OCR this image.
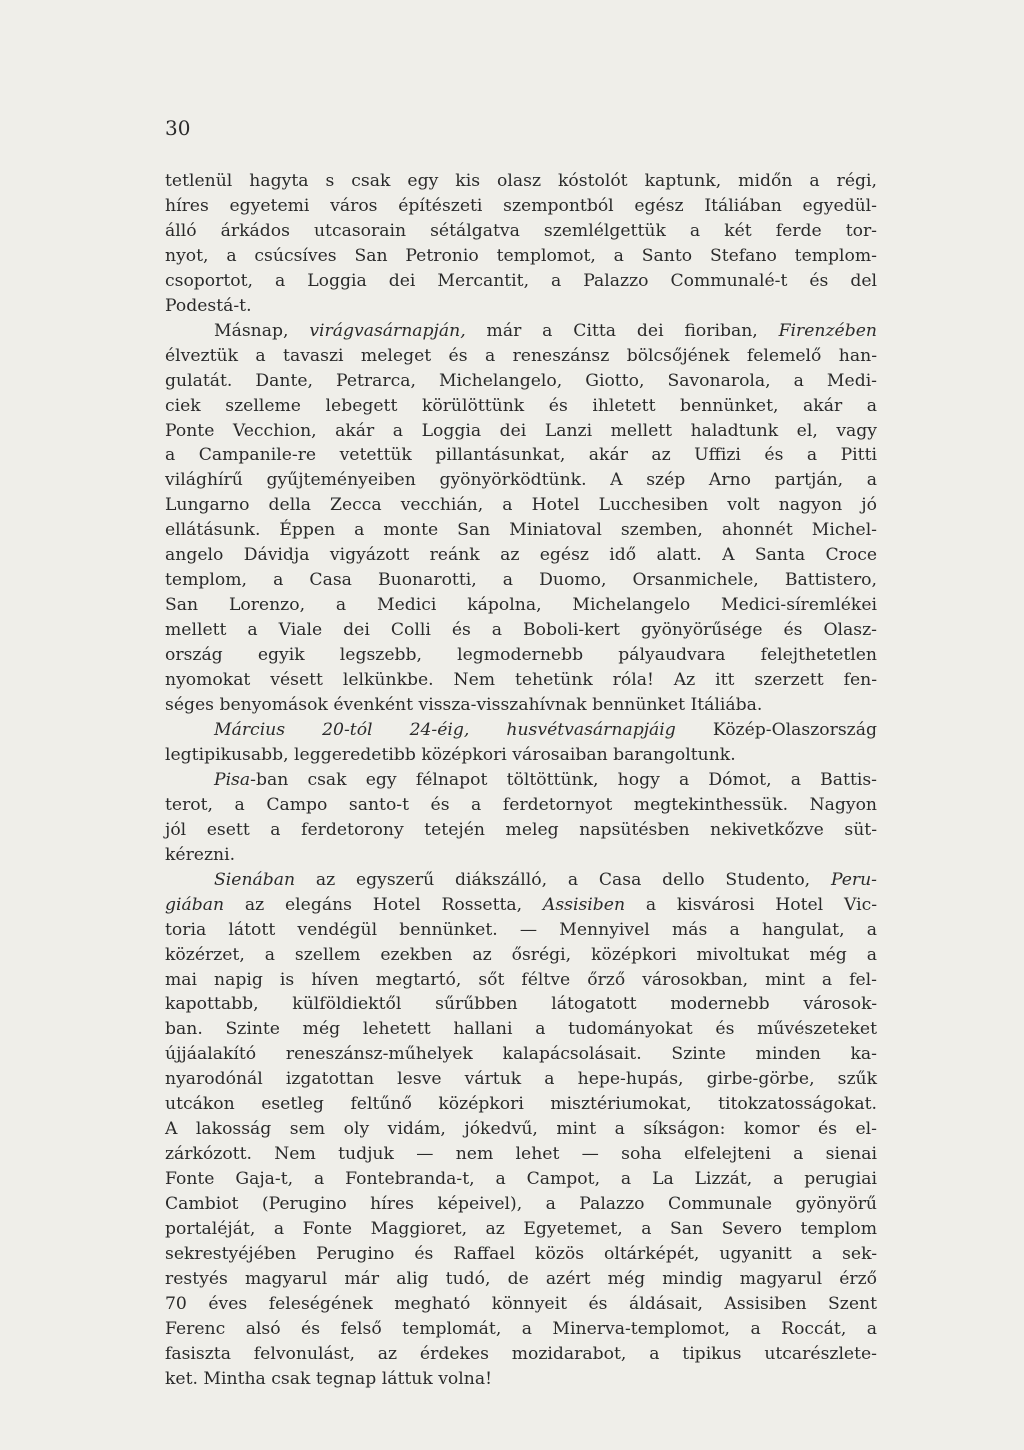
30
tetlenül hagyta s csak egy kis olasz kóstolót kaptunk, midőn a régi,
híres egyetemi város építészeti szempontból egész Itáliában egyedül-
álló árkádos utcasorain sétálgatva szemlélgettük a két ferde tor-
nyot, a csúcsíves San Petronio templomot, a Santo Stefano templom-
csoportot, a Loggia dei Mercantit, a Palazzo Communalé-t és del
Podestá-t.
Másnap, virágvasárnapján, már a Citta dei fioriban, Firenzében
élveztük a tavaszi meleget és a reneszánsz bölcsőjének felemelő han-
gulatát. Dante, Petrarca, Michelangelo, Giotto, Savonarola, a Medi-
ciek szelleme lebegett körülöttünk és ihletett bennünket, akár a
Ponte Vecchion, akár a Loggia dei Lanzi mellett haladtunk el, vagy
a Campanile-re vetettük pillantásunkat, akár az Uffizi és a Pitti
világhírű gyűjteményeiben gyönyörködtünk. A szép Arno partján, a
Lungarno della Zecca vecchián, a Hotel Lucchesiben volt nagyon jó
ellátásunk. Éppen a monte San Miniatoval szemben, ahonnét Michel-
angelo Dávidja vigyázott reánk az egész idő alatt. A Santa Croce
templom, a Casa Buonarotti, a Duomo, Orsanmichele, Battistero,
San Lorenzo, a Medici kápolna, Michelangelo Medici-síremlékei
mellett a Viale dei Colli és a Boboli-kert gyönyörűsége és Olasz-
ország egyik legszebb, legmodernebb pályaudvara felejthetetlen
nyomokat vésett lelkünkbe. Nem tehetünk róla! Az itt szerzett fen-
séges benyomások évenként vissza-visszahívnak bennünket Itáliába.
Március 20-tól 24-éig, husvétvasárnapjáig Közép-Olaszország
legtipikusabb, leggeredetibb középkori városaiban barangoltunk.
Pisa-ban csak egy félnapot töltöttünk, hogy a Dómot, a Battis-
terot, a Campo santo-t és a ferdetornyot megtekinthessük. Nagyon
jól esett a ferdetorony tetején meleg napsütésben nekivetkőzve süt-
kérezni.
Sienában az egyszerű diákszálló, a Casa dello Studento, Peru-
giában az elegáns Hotel Rossetta, Assisiben a kisvárosi Hotel Vic-
toria látott vendégül bennünket. — Mennyivel más a hangulat, a
közérzet, a szellem ezekben az ősrégi, középkori mivoltukat még a
mai napig is híven megtartó, sőt féltve őrző városokban, mint a fel-
kapottabb, külföldiektől sűrűbben látogatott modernebb városok-
ban. Szinte még lehetett hallani a tudományokat és művészeteket
újjáalakító reneszánsz-műhelyek kalapácsolásait. Szinte minden ka-
nyarodónál izgatottan lesve vártuk a hepe-hupás, girbe-görbe, szűk
utcákon esetleg feltűnő középkori misztériumokat, titokzatosságokat.
A lakosság sem oly vidám, jókedvű, mint a síkságon: komor és el-
zárkózott. Nem tudjuk — nem lehet — soha elfelejteni a sienai
Fonte Gaja-t, a Fontebranda-t, a Campot, a La Lizzát, a perugiai
Cambiot (Perugino híres képeivel), a Palazzo Communale gyönyörű
portaléját, a Fonte Maggioret, az Egyetemet, a San Severo templom
sekrestyéjében Perugino és Raffael közös oltárképét, ugyanitt a sek-
restyés magyarul már alig tudó, de azért még mindig magyarul érző
70 éves feleségének megható könnyeit és áldásait, Assisiben Szent
Ferenc alsó és felső templomát, a Minerva-templomot, a Roccát, a
fasiszta felvonulást, az érdekes mozidarabot, a tipikus utcarészlete-
ket. Mintha csak tegnap láttuk volna!
